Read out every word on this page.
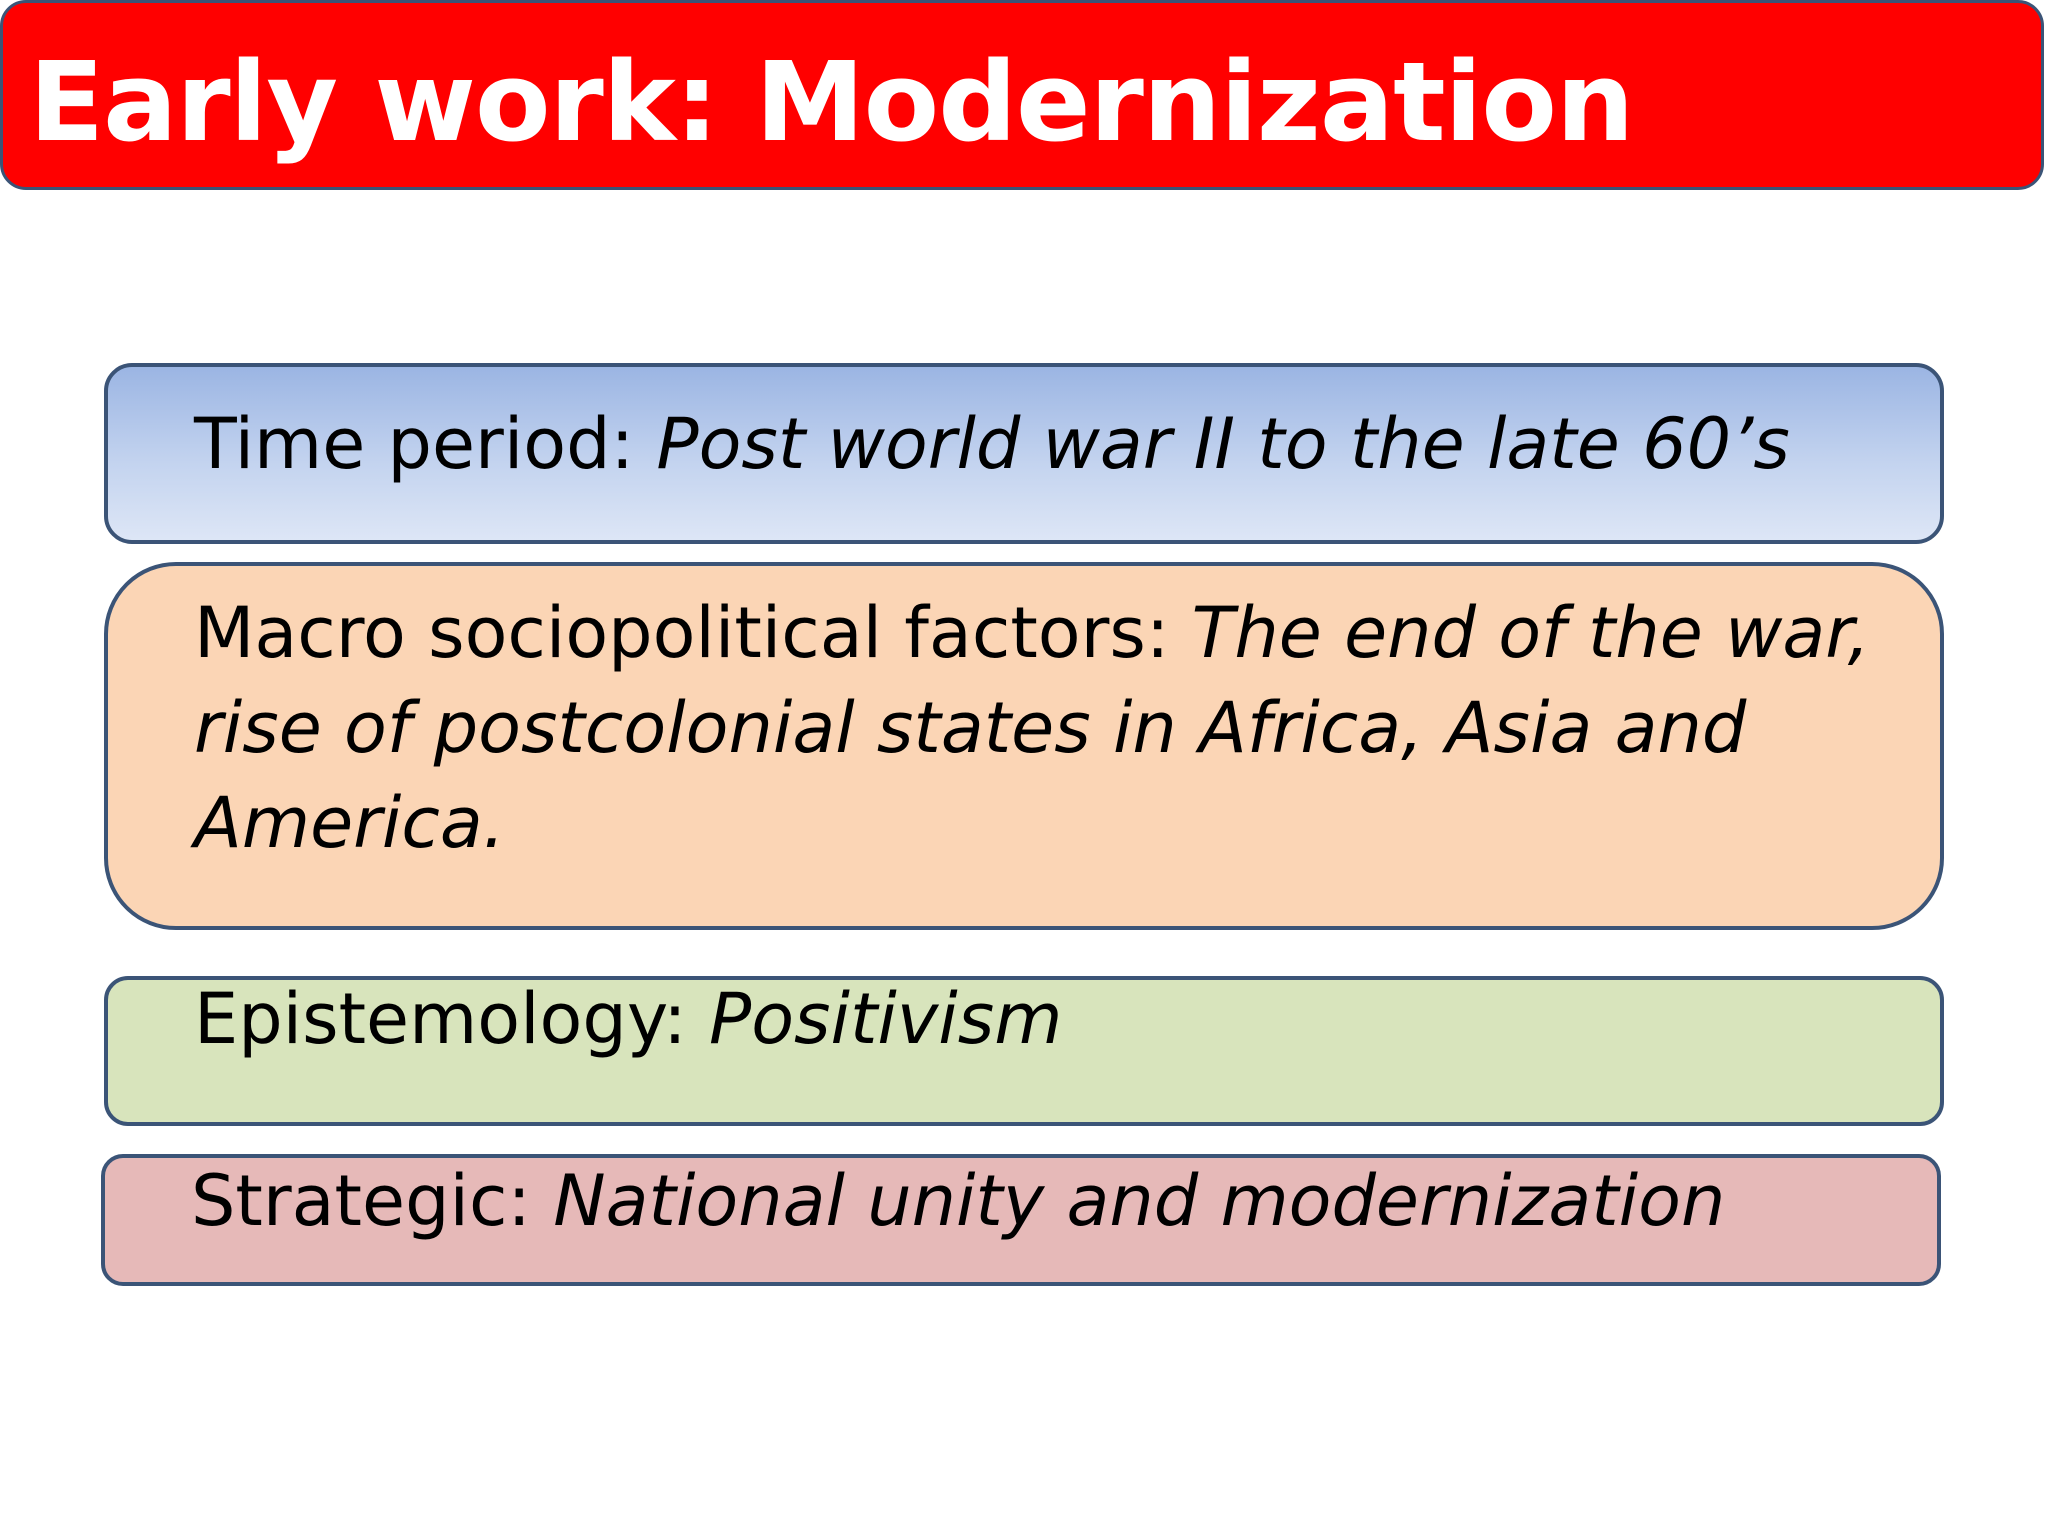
Early work: Modernization
Time period: Post world war II to the late 60’s
Macro sociopolitical factors: The end of the war, rise of postcolonial states in Africa, Asia and America.
Epistemology: Positivism
Strategic: National unity and modernization
